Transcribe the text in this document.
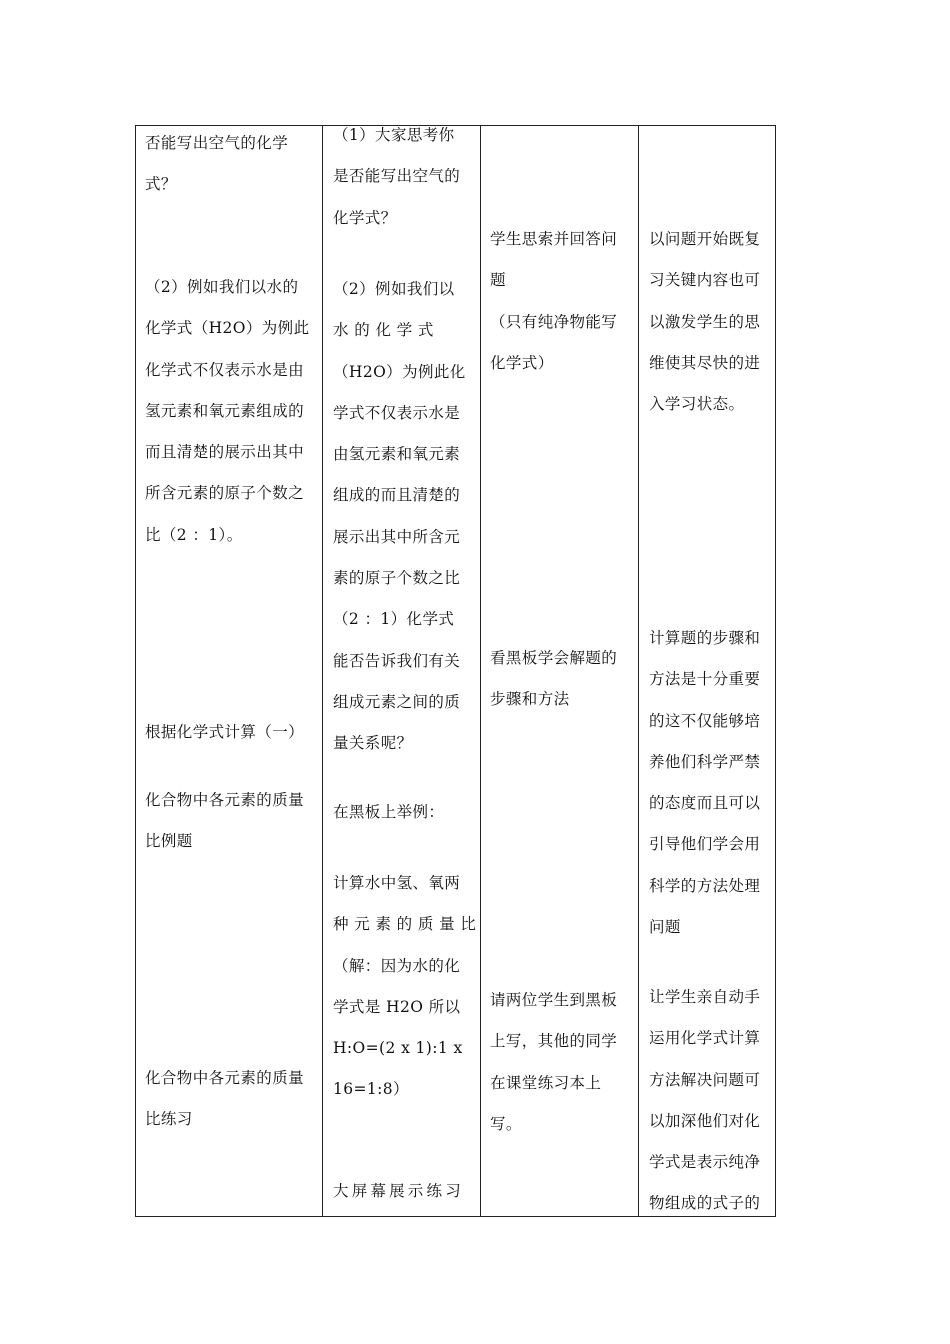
否能写出空气的化学
式？

（2）例如我们以水的
化学式（H2O）为例此
化学式不仅表示水是由
氢元素和氧元素组成的
而且清楚的展示出其中
所含元素的原子个数之
比（2 ：1）。

根据化学式计算（一）

化合物中各元素的质量
比例题

化合物中各元素的质量
比练习

（1）大家思考你
是否能写出空气的
化学式？

（2）例如我们以
水 的 化 学 式
（H2O）为例此化
学式不仅表示水是
由氢元素和氧元素
组成的而且清楚的
展示出其中所含元
素的原子个数之比
（2 ：1）化学式
能否告诉我们有关
组成元素之间的质
量关系呢？

在黑板上举例：

计算水中氢、氧两
种 元 素 的 质 量 比
（解：因为水的化
学式是 H2O 所以
H:O=(2 x 1):1 x
16=1:8）

大屏幕展示练习

学生思索并回答问
题
（只有纯净物能写
化学式）

看黑板学会解题的
步骤和方法

请两位学生到黑板
上写，其他的同学
在课堂练习本上
写。

以问题开始既复
习关键内容也可
以激发学生的思
维使其尽快的进
入学习状态。

计算题的步骤和
方法是十分重要
的这不仅能够培
养他们科学严禁
的态度而且可以
引导他们学会用
科学的方法处理
问题

让学生亲自动手
运用化学式计算
方法解决问题可
以加深他们对化
学式是表示纯净
物组成的式子的
